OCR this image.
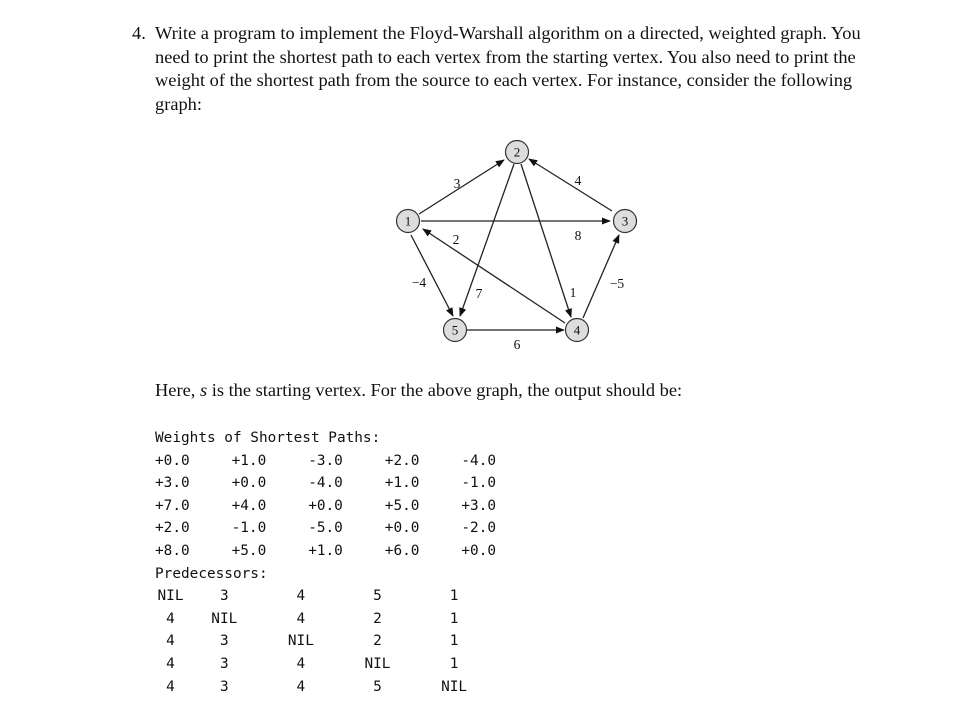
4. Write a program to implement the Floyd-Warshall algorithm on a directed, weighted graph. You need to print the shortest path to each vertex from the starting vertex. You also need to print the weight of the shortest path from the source to each vertex. For instance, consider the following graph:
1
2
3
4
5
3	4
8
2
−4
7	1
−5
6
Here, s is the starting vertex. For the above graph, the output should be:
Weights of Shortest Paths:
+0.0	+1.0	-3.0	+2.0	-4.0
+3.0	+0.0	-4.0	+1.0	-1.0
+7.0	+4.0	+0.0	+5.0	+3.0
+2.0	-1.0	-5.0	+0.0	-2.0
+8.0	+5.0	+1.0	+6.0	+0.0
Predecessors:
NIL	3	4	5	1
4	NIL	4	2	1
4	3	NIL	2	1
4	3	4	NIL	1
4	3	4	5	NIL
